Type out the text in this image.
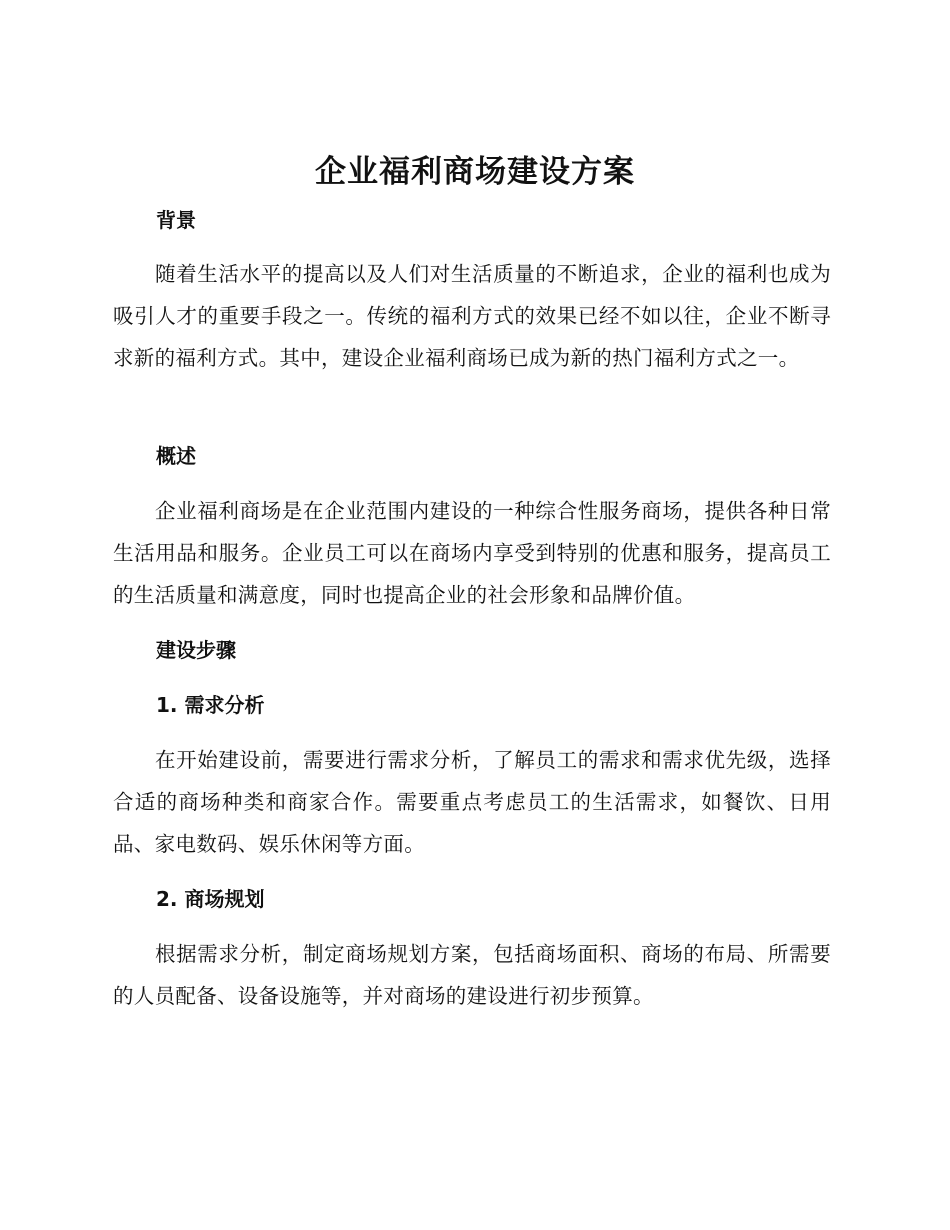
企业福利商场建设方案
背景

随着生活水平的提高以及人们对生活质量的不断追求，企业的福利也成为吸引人才的重要手段之一。传统的福利方式的效果已经不如以往，企业不断寻求新的福利方式。其中，建设企业福利商场已成为新的热门福利方式之一。

概述

企业福利商场是在企业范围内建设的一种综合性服务商场，提供各种日常生活用品和服务。企业员工可以在商场内享受到特别的优惠和服务，提高员工的生活质量和满意度，同时也提高企业的社会形象和品牌价值。

建设步骤
1. 需求分析

在开始建设前，需要进行需求分析，了解员工的需求和需求优先级，选择合适的商场种类和商家合作。需要重点考虑员工的生活需求，如餐饮、日用品、家电数码、娱乐休闲等方面。

2. 商场规划

根据需求分析，制定商场规划方案，包括商场面积、商场的布局、所需要的人员配备、设备设施等，并对商场的建设进行初步预算。
